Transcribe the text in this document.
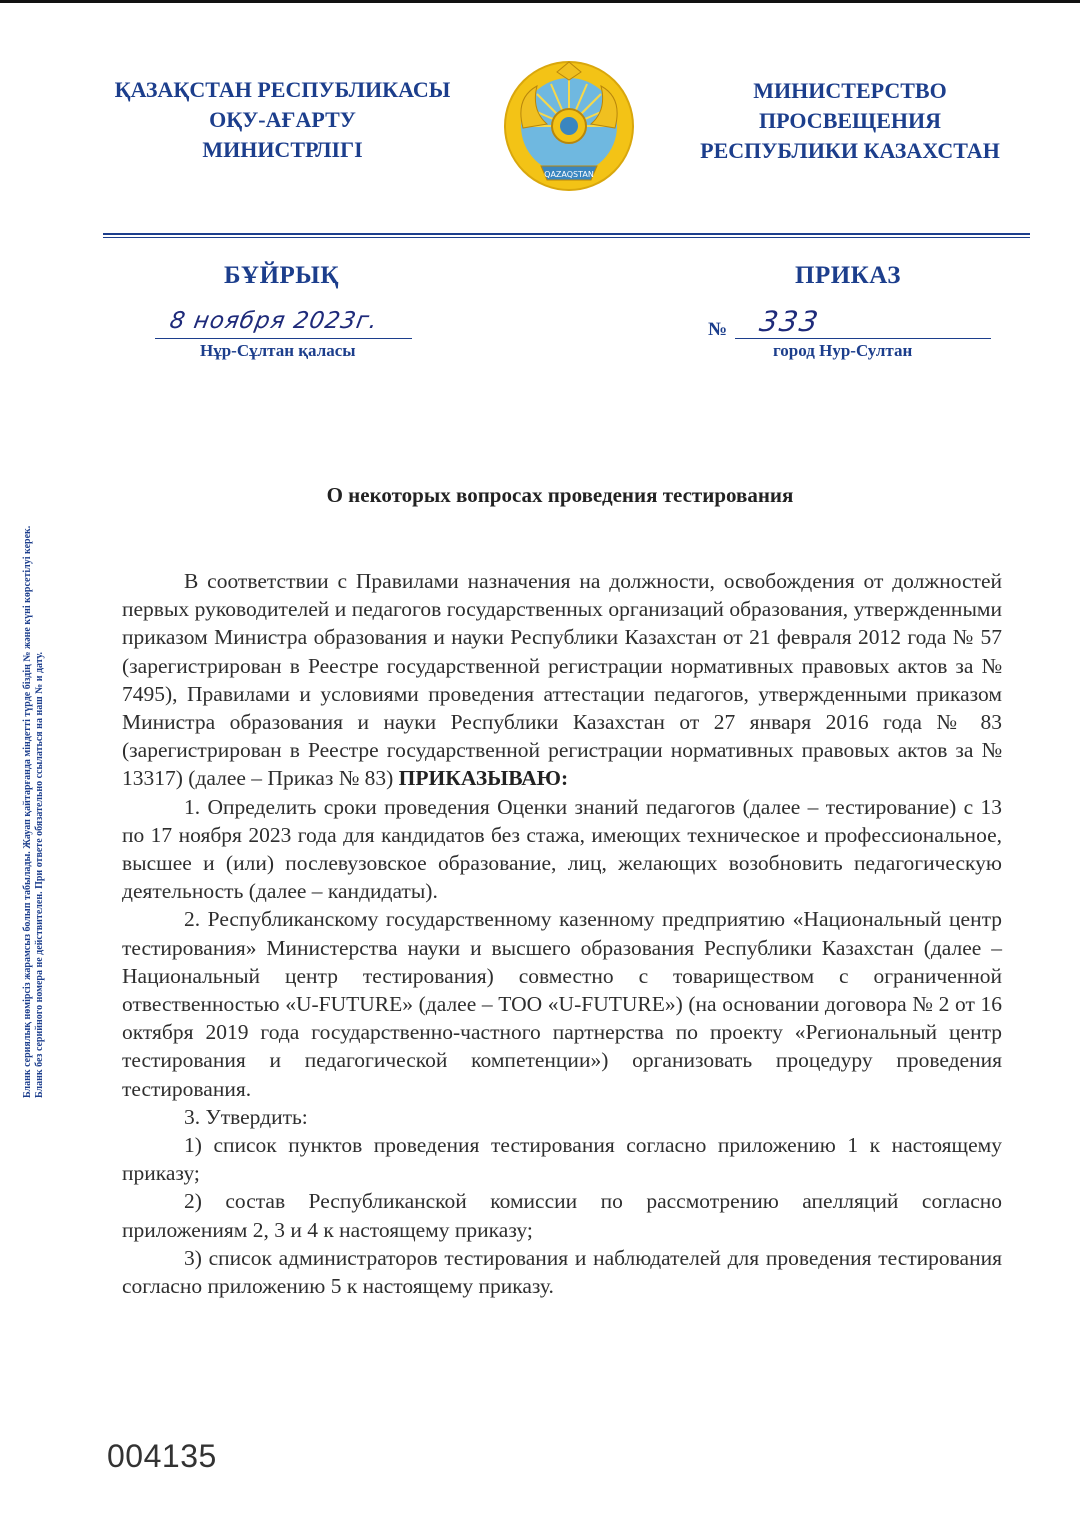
ҚАЗАҚСТАН РЕСПУБЛИКАСЫ
ОҚУ-АҒАРТУ
МИНИСТРЛІГІ
QAZAQSTAN
МИНИСТЕРСТВО
ПРОСВЕЩЕНИЯ
РЕСПУБЛИКИ КАЗАХСТАН
БҰЙРЫҚ	ПРИКАЗ
8 ноября 2023г.
Нұр-Сұлтан қаласы
№ 333
город Нур-Султан
Бланк сериялық нөмірсіз жарамсыз болып табылады. Жауап қайтарғанда міндетті түрде біздің № және күні көрсетілуі керек. Бланк без серийного номера не действителен. При ответе обязательно ссылаться на наш № и дату.
О некоторых вопросах проведения тестирования

В соответствии с Правилами назначения на должности, освобождения от должностей первых руководителей и педагогов государственных организаций образования, утвержденными приказом Министра образования и науки Республики Казахстан от 21 февраля 2012 года № 57 (зарегистрирован в Реестре государственной регистрации нормативных правовых актов за № 7495), Правилами и условиями проведения аттестации педагогов, утвержденными приказом Министра образования и науки Республики Казахстан от 27 января 2016 года № 83 (зарегистрирован в Реестре государственной регистрации нормативных правовых актов за № 13317) (далее – Приказ № 83) ПРИКАЗЫВАЮ:

1. Определить сроки проведения Оценки знаний педагогов (далее – тестирование) с 13 по 17 ноября 2023 года для кандидатов без стажа, имеющих техническое и профессиональное, высшее и (или) послевузовское образование, лиц, желающих возобновить педагогическую деятельность (далее – кандидаты).

2. Республиканскому государственному казенному предприятию «Национальный центр тестирования» Министерства науки и высшего образования Республики Казахстан (далее – Национальный центр тестирования) совместно с товариществом с ограниченной отвественностью «U-FUTURE» (далее – ТОО «U-FUTURE») (на основании договора № 2 от 16 октября 2019 года государственно-частного партнерства по проекту «Региональный центр тестирования и педагогической компетенции») организовать процедуру проведения тестирования.

3. Утвердить:

1) список пунктов проведения тестирования согласно приложению 1 к настоящему приказу;

2) состав Республиканской комиссии по рассмотрению апелляций согласно приложениям 2, 3 и 4 к настоящему приказу;

3) список администраторов тестирования и наблюдателей для проведения тестирования согласно приложению 5 к настоящему приказу.

004135
